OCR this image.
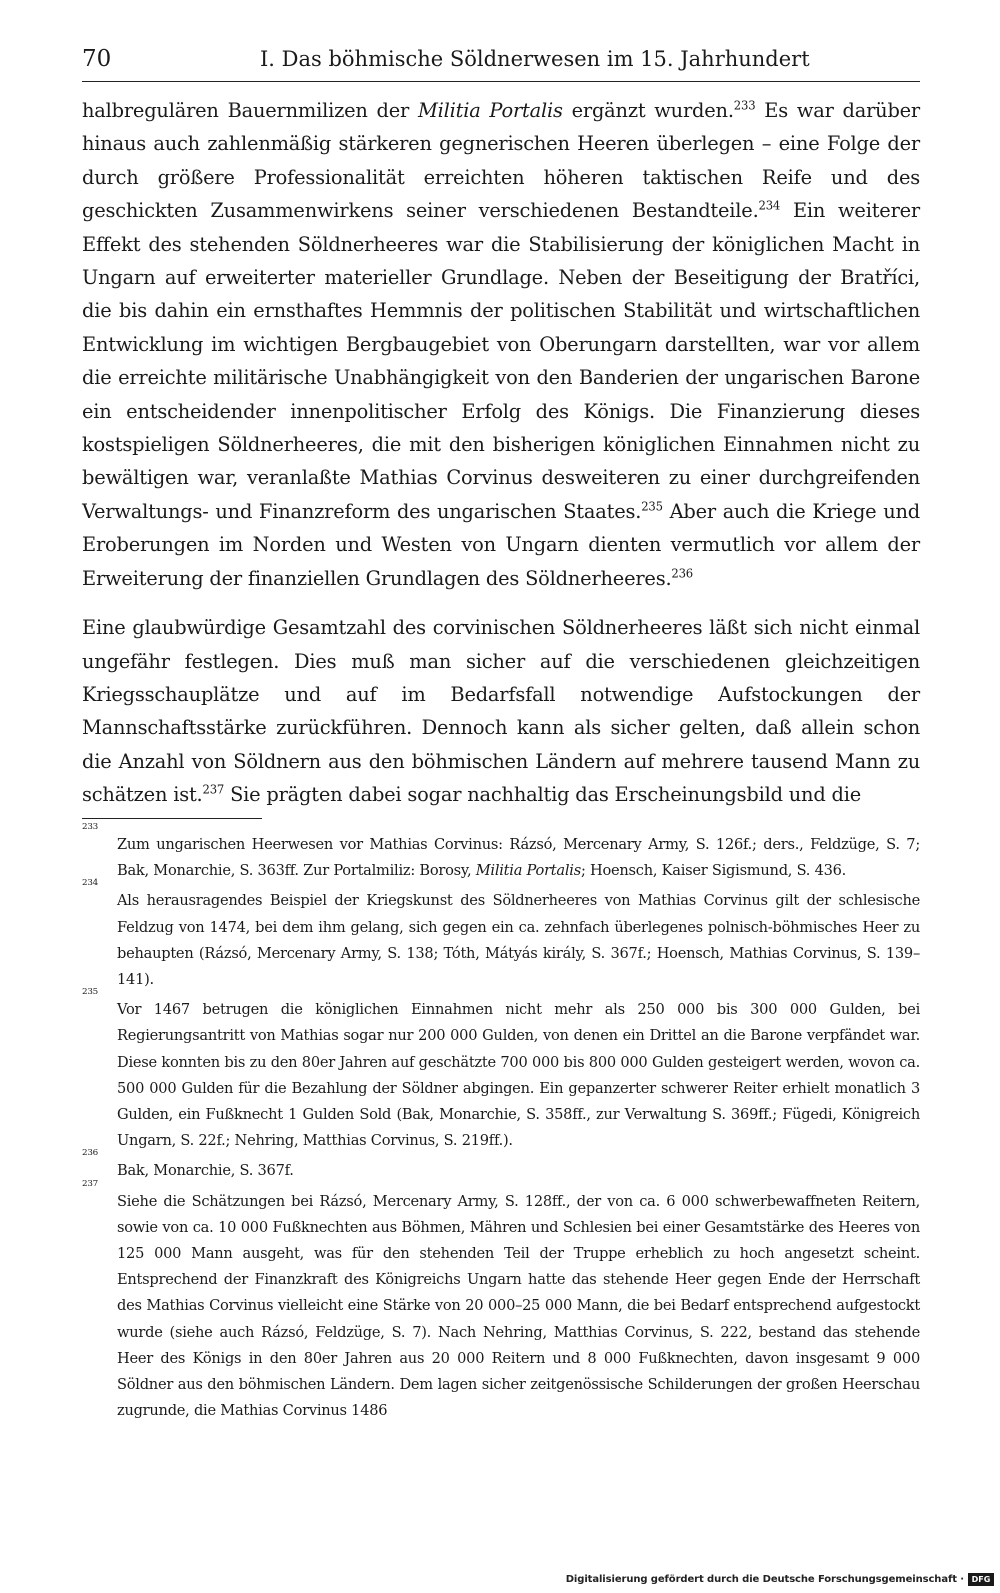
70	I. Das böhmische Söldnerwesen im 15. Jahrhundert

halbregulären Bauernmilizen der Militia Portalis ergänzt wurden.$^{233}$ Es war darüber hinaus auch zahlenmäßig stärkeren gegnerischen Heeren überlegen – eine Folge der durch größere Professionalität erreichten höheren taktischen Reife und des geschickten Zusammenwirkens seiner verschiedenen Bestandteile.$^{234}$ Ein weiterer Effekt des stehenden Söldnerheeres war die Stabilisierung der königlichen Macht in Ungarn auf erweiterter materieller Grundlage. Neben der Beseitigung der Bratříci, die bis dahin ein ernsthaftes Hemmnis der politischen Stabilität und wirtschaftlichen Entwicklung im wichtigen Bergbaugebiet von Oberungarn darstellten, war vor allem die erreichte militärische Unabhängigkeit von den Banderien der ungarischen Barone ein entscheidender innenpolitischer Erfolg des Königs. Die Finanzierung dieses kostspieligen Söldnerheeres, die mit den bisherigen königlichen Einnahmen nicht zu bewältigen war, veranlaßte Mathias Corvinus desweiteren zu einer durchgreifenden Verwaltungs- und Finanzreform des ungarischen Staates.$^{235}$ Aber auch die Kriege und Eroberungen im Norden und Westen von Ungarn dienten vermutlich vor allem der Erweiterung der finanziellen Grundlagen des Söldnerheeres.$^{236}$

Eine glaubwürdige Gesamtzahl des corvinischen Söldnerheeres läßt sich nicht einmal ungefähr festlegen. Dies muß man sicher auf die verschiedenen gleichzeitigen Kriegsschauplätze und auf im Bedarfsfall notwendige Aufstockungen der Mannschaftsstärke zurückführen. Dennoch kann als sicher gelten, daß allein schon die Anzahl von Söldnern aus den böhmischen Ländern auf mehrere tausend Mann zu schätzen ist.$^{237}$ Sie prägten dabei sogar nachhaltig das Erscheinungsbild und die

233
Zum ungarischen Heerwesen vor Mathias Corvinus: Rázsó, Mercenary Army, S. 126f.; ders., Feldzüge, S. 7; Bak, Monarchie, S. 363ff. Zur Portalmiliz: Borosy, Militia Portalis; Hoensch, Kaiser Sigismund, S. 436.
234
Als herausragendes Beispiel der Kriegskunst des Söldnerheeres von Mathias Corvinus gilt der schlesische Feldzug von 1474, bei dem ihm gelang, sich gegen ein ca. zehnfach überlegenes polnisch-böhmisches Heer zu behaupten (Rázsó, Mercenary Army, S. 138; Tóth, Mátyás király, S. 367f.; Hoensch, Mathias Corvinus, S. 139–141).
235
Vor 1467 betrugen die königlichen Einnahmen nicht mehr als 250 000 bis 300 000 Gulden, bei Regierungsantritt von Mathias sogar nur 200 000 Gulden, von denen ein Drittel an die Barone verpfändet war. Diese konnten bis zu den 80er Jahren auf geschätzte 700 000 bis 800 000 Gulden gesteigert werden, wovon ca. 500 000 Gulden für die Bezahlung der Söldner abgingen. Ein gepanzerter schwerer Reiter erhielt monatlich 3 Gulden, ein Fußknecht 1 Gulden Sold (Bak, Monarchie, S. 358ff., zur Verwaltung S. 369ff.; Fügedi, Königreich Ungarn, S. 22f.; Nehring, Matthias Corvinus, S. 219ff.).
236
Bak, Monarchie, S. 367f.
237
Siehe die Schätzungen bei Rázsó, Mercenary Army, S. 128ff., der von ca. 6 000 schwerbewaffneten Reitern, sowie von ca. 10 000 Fußknechten aus Böhmen, Mähren und Schlesien bei einer Gesamtstärke des Heeres von 125 000 Mann ausgeht, was für den stehenden Teil der Truppe erheblich zu hoch angesetzt scheint. Entsprechend der Finanzkraft des Königreichs Ungarn hatte das stehende Heer gegen Ende der Herrschaft des Mathias Corvinus vielleicht eine Stärke von 20 000–25 000 Mann, die bei Bedarf entsprechend aufgestockt wurde (siehe auch Rázsó, Feldzüge, S. 7). Nach Nehring, Matthias Corvinus, S. 222, bestand das stehende Heer des Königs in den 80er Jahren aus 20 000 Reitern und 8 000 Fußknechten, davon insgesamt 9 000 Söldner aus den böhmischen Ländern. Dem lagen sicher zeitgenössische Schilderungen der großen Heerschau zugrunde, die Mathias Corvinus 1486
Digitalisierung gefördert durch die Deutsche Forschungsgemeinschaft · DFG
